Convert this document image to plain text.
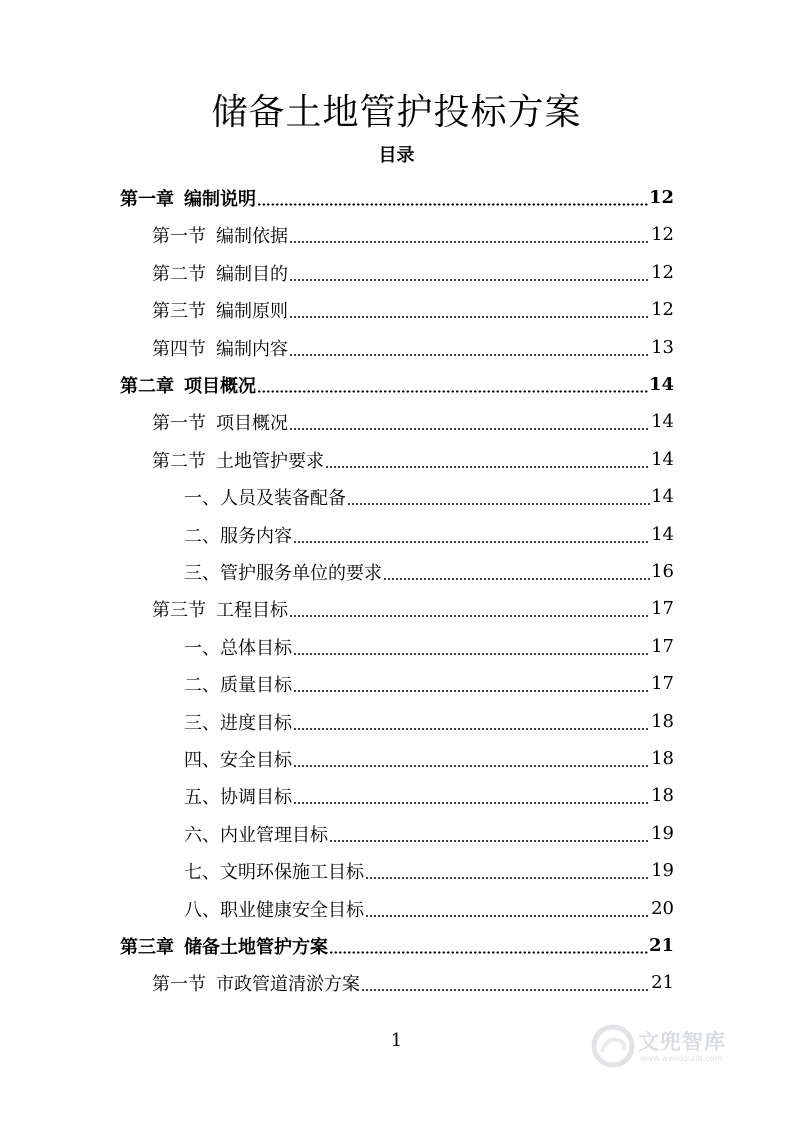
储备土地管护投标方案
目录
第一章 编制说明	12
第一节 编制依据	12
第二节 编制目的	12
第三节 编制原则	12
第四节 编制内容	13
第二章 项目概况	14
第一节 项目概况	14
第二节 土地管护要求	14
一、人员及装备配备	14
二、服务内容	14
三、管护服务单位的要求	16
第三节 工程目标	17
一、总体目标	17
二、质量目标	17
三、进度目标	18
四、安全目标	18
五、协调目标	18
六、内业管理目标	19
七、文明环保施工目标	19
八、职业健康安全目标	20
第三章 储备土地管护方案	21
第一节 市政管道清淤方案	21
1	文兜智库
www.wendoulib.com
